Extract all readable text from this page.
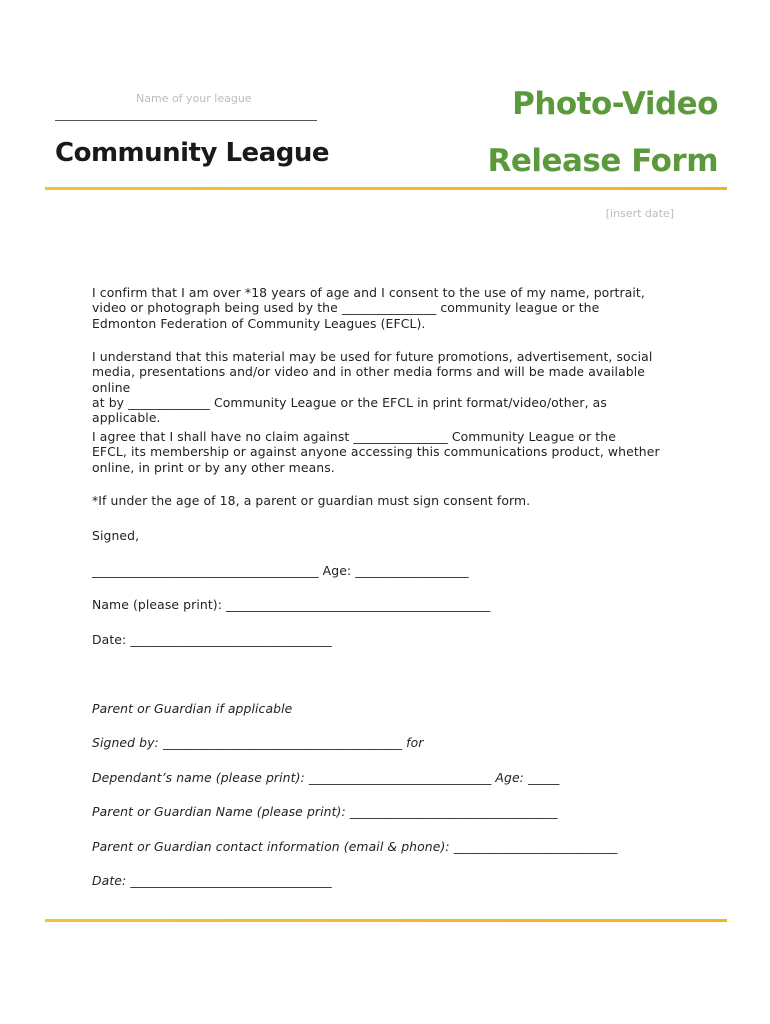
Name of your league
Community League
Photo-Video
Release Form
[insert date]

I confirm that I am over *18 years of age and I consent to the use of my name, portrait,
video or photograph being used by the _______________ community league or the
Edmonton Federation of Community Leagues (EFCL).

I understand that this material may be used for future promotions, advertisement, social
media, presentations and/or video and in other media forms and will be made available online
at by _____________ Community League or the EFCL in print format/video/other, as
applicable.

I agree that I shall have no claim against _______________ Community League or the
EFCL, its membership or against anyone accessing this communications product, whether
online, in print or by any other means.

*If under the age of 18, a parent or guardian must sign consent form.

Signed,

____________________________________ Age: __________________

Name (please print): __________________________________________

Date: ________________________________

Parent or Guardian if applicable

Signed by: ______________________________________ for

Dependant’s name (please print): _____________________________ Age: _____

Parent or Guardian Name (please print): _________________________________

Parent or Guardian contact information (email & phone): __________________________

Date: ________________________________
